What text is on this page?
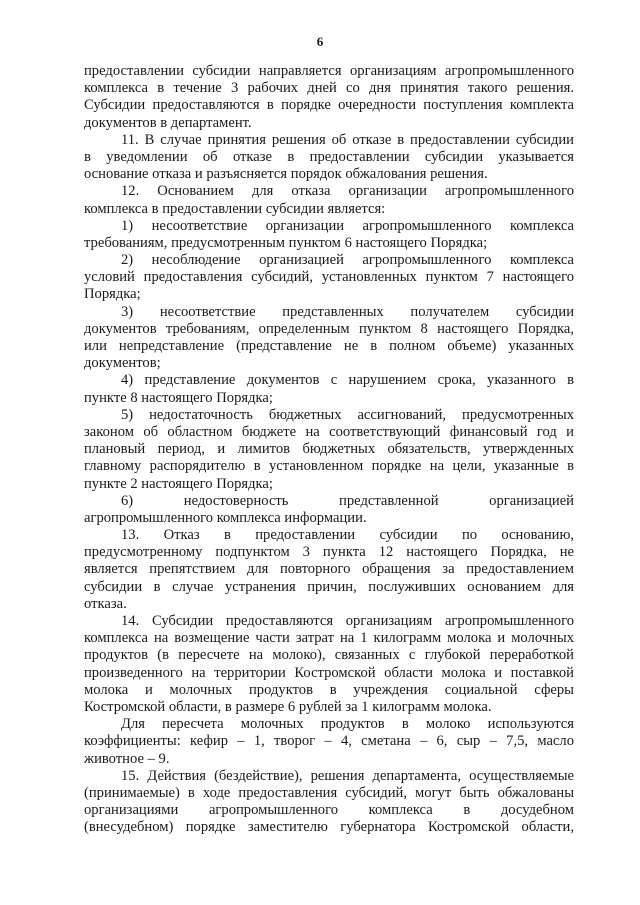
6
предоставлении субсидии направляется организациям агропромышленного
комплекса в течение 3 рабочих дней со дня принятия такого решения.
Субсидии предоставляются в порядке очередности поступления комплекта
документов в департамент.
11. В случае принятия решения об отказе в предоставлении субсидии
в уведомлении об отказе в предоставлении субсидии указывается
основание отказа и разъясняется порядок обжалования решения.
12. Основанием для отказа организации агропромышленного
комплекса в предоставлении субсидии является:
1) несоответствие организации агропромышленного комплекса
требованиям, предусмотренным пунктом 6 настоящего Порядка;
2) несоблюдение организацией агропромышленного комплекса
условий предоставления субсидий, установленных пунктом 7 настоящего
Порядка;
3) несоответствие представленных получателем субсидии
документов требованиям, определенным пунктом 8 настоящего Порядка,
или непредставление (представление не в полном объеме) указанных
документов;
4) представление документов с нарушением срока, указанного в
пункте 8 настоящего Порядка;
5) недостаточность бюджетных ассигнований, предусмотренных
законом об областном бюджете на соответствующий финансовый год и
плановый период, и лимитов бюджетных обязательств, утвержденных
главному распорядителю в установленном порядке на цели, указанные в
пункте 2 настоящего Порядка;
6) недостоверность представленной организацией
агропромышленного комплекса информации.
13. Отказ в предоставлении субсидии по основанию,
предусмотренному подпунктом 3 пункта 12 настоящего Порядка, не
является препятствием для повторного обращения за предоставлением
субсидии в случае устранения причин, послуживших основанием для
отказа.
14. Субсидии предоставляются организациям агропромышленного
комплекса на возмещение части затрат на 1 килограмм молока и молочных
продуктов (в пересчете на молоко), связанных с глубокой переработкой
произведенного на территории Костромской области молока и поставкой
молока и молочных продуктов в учреждения социальной сферы
Костромской области, в размере 6 рублей за 1 килограмм молока.
Для пересчета молочных продуктов в молоко используются
коэффициенты: кефир – 1, творог – 4, сметана – 6, сыр – 7,5, масло
животное – 9.
15. Действия (бездействие), решения департамента, осуществляемые
(принимаемые) в ходе предоставления субсидий, могут быть обжалованы
организациями агропромышленного комплекса в досудебном
(внесудебном) порядке заместителю губернатора Костромской области,
